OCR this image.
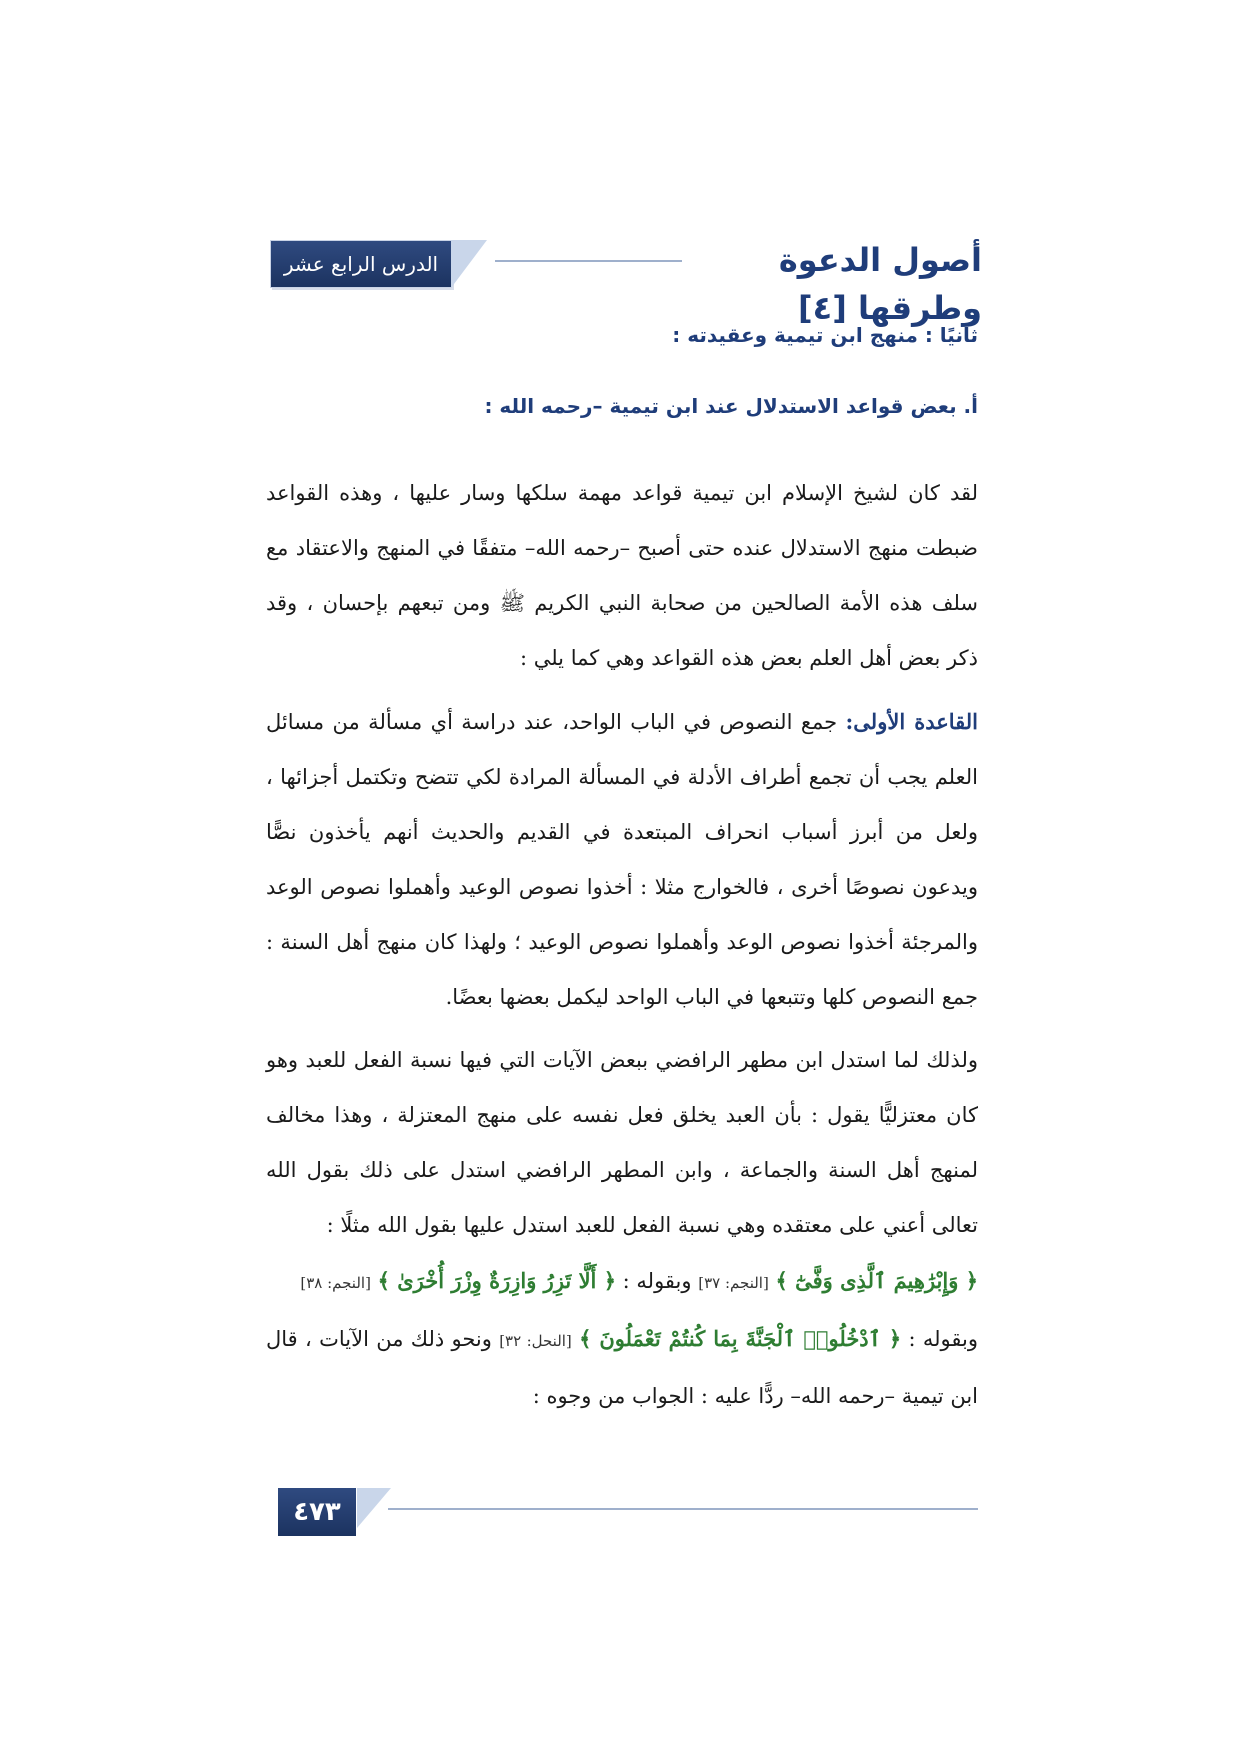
الدرس الرابع عشر	أصول الدعوة وطرقها [٤]
ثانيًا : منهج ابن تيمية وعقيدته :
أ. بعض قواعد الاستدلال عند ابن تيمية –رحمه الله :

لقد كان لشيخ الإسلام ابن تيمية قواعد مهمة سلكها وسار عليها ، وهذه القواعد ضبطت منهج الاستدلال عنده حتى أصبح –رحمه الله– متفقًا في المنهج والاعتقاد مع سلف هذه الأمة الصالحين من صحابة النبي الكريم ﷺ ومن تبعهم بإحسان ، وقد ذكر بعض أهل العلم بعض هذه القواعد وهي كما يلي :

القاعدة الأولى: جمع النصوص في الباب الواحد، عند دراسة أي مسألة من مسائل العلم يجب أن تجمع أطراف الأدلة في المسألة المرادة لكي تتضح وتكتمل أجزائها ، ولعل من أبرز أسباب انحراف المبتعدة في القديم والحديث أنهم يأخذون نصًّا ويدعون نصوصًا أخرى ، فالخوارج مثلا : أخذوا نصوص الوعيد وأهملوا نصوص الوعد والمرجئة أخذوا نصوص الوعد وأهملوا نصوص الوعيد ؛ ولهذا كان منهج أهل السنة : جمع النصوص كلها وتتبعها في الباب الواحد ليكمل بعضها بعضًا.

ولذلك لما استدل ابن مطهر الرافضي ببعض الآيات التي فيها نسبة الفعل للعبد وهو كان معتزليًّا يقول : بأن العبد يخلق فعل نفسه على منهج المعتزلة ، وهذا مخالف لمنهج أهل السنة والجماعة ، وابن المطهر الرافضي استدل على ذلك بقول الله تعالى أعني على معتقده وهي نسبة الفعل للعبد استدل عليها بقول الله مثلًا :
﴿ وَإِبْرَٰهِيمَ ٱلَّذِى وَفَّىٰٓ ﴾ [النجم: ٣٧] وبقوله : ﴿ أَلَّا تَزِرُ وَازِرَةٌ وِزْرَ أُخْرَىٰ ﴾ [النجم: ٣٨]
وبقوله : ﴿ ٱدْخُلُوا۟ ٱلْجَنَّةَ بِمَا كُنتُمْ تَعْمَلُونَ ﴾ [النحل: ٣٢] ونحو ذلك من الآيات ، قال ابن تيمية –رحمه الله– ردًّا عليه : الجواب من وجوه :

٤٧٣
